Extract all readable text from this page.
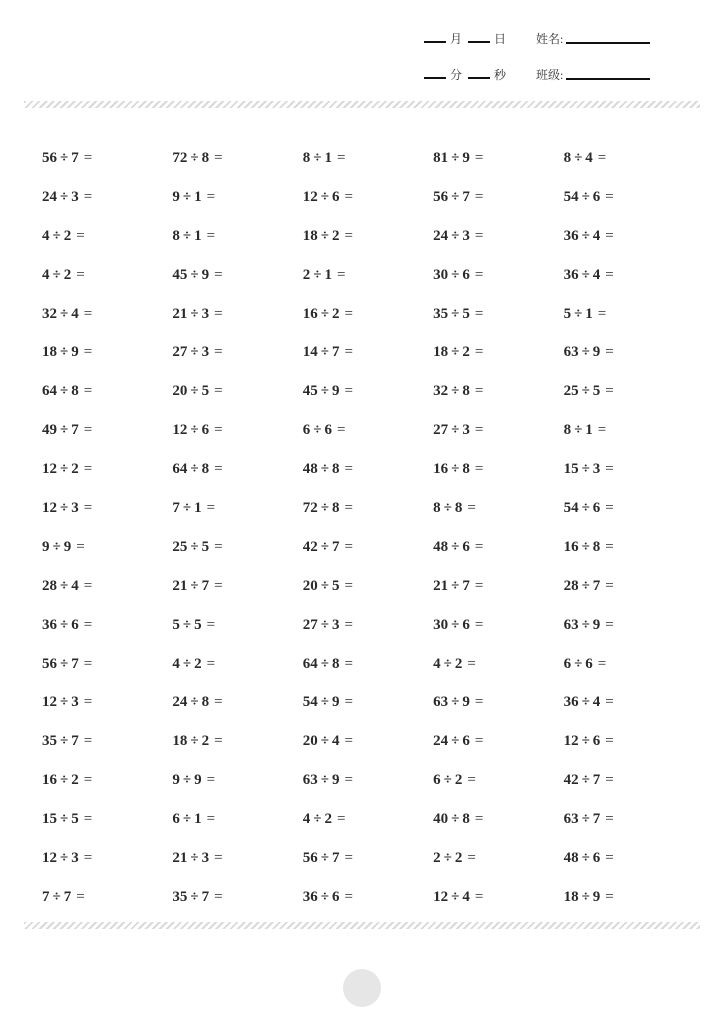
月	日	姓名:
分	秒	班级:
56 ÷ 7 =	72 ÷ 8 =	8 ÷ 1 =	81 ÷ 9 =	8 ÷ 4 =
24 ÷ 3 =	9 ÷ 1 =	12 ÷ 6 =	56 ÷ 7 =	54 ÷ 6 =
4 ÷ 2 =	8 ÷ 1 =	18 ÷ 2 =	24 ÷ 3 =	36 ÷ 4 =
4 ÷ 2 =	45 ÷ 9 =	2 ÷ 1 =	30 ÷ 6 =	36 ÷ 4 =
32 ÷ 4 =	21 ÷ 3 =	16 ÷ 2 =	35 ÷ 5 =	5 ÷ 1 =
18 ÷ 9 =	27 ÷ 3 =	14 ÷ 7 =	18 ÷ 2 =	63 ÷ 9 =
64 ÷ 8 =	20 ÷ 5 =	45 ÷ 9 =	32 ÷ 8 =	25 ÷ 5 =
49 ÷ 7 =	12 ÷ 6 =	6 ÷ 6 =	27 ÷ 3 =	8 ÷ 1 =
12 ÷ 2 =	64 ÷ 8 =	48 ÷ 8 =	16 ÷ 8 =	15 ÷ 3 =
12 ÷ 3 =	7 ÷ 1 =	72 ÷ 8 =	8 ÷ 8 =	54 ÷ 6 =
9 ÷ 9 =	25 ÷ 5 =	42 ÷ 7 =	48 ÷ 6 =	16 ÷ 8 =
28 ÷ 4 =	21 ÷ 7 =	20 ÷ 5 =	21 ÷ 7 =	28 ÷ 7 =
36 ÷ 6 =	5 ÷ 5 =	27 ÷ 3 =	30 ÷ 6 =	63 ÷ 9 =
56 ÷ 7 =	4 ÷ 2 =	64 ÷ 8 =	4 ÷ 2 =	6 ÷ 6 =
12 ÷ 3 =	24 ÷ 8 =	54 ÷ 9 =	63 ÷ 9 =	36 ÷ 4 =
35 ÷ 7 =	18 ÷ 2 =	20 ÷ 4 =	24 ÷ 6 =	12 ÷ 6 =
16 ÷ 2 =	9 ÷ 9 =	63 ÷ 9 =	6 ÷ 2 =	42 ÷ 7 =
15 ÷ 5 =	6 ÷ 1 =	4 ÷ 2 =	40 ÷ 8 =	63 ÷ 7 =
12 ÷ 3 =	21 ÷ 3 =	56 ÷ 7 =	2 ÷ 2 =	48 ÷ 6 =
7 ÷ 7 =	35 ÷ 7 =	36 ÷ 6 =	12 ÷ 4 =	18 ÷ 9 =
